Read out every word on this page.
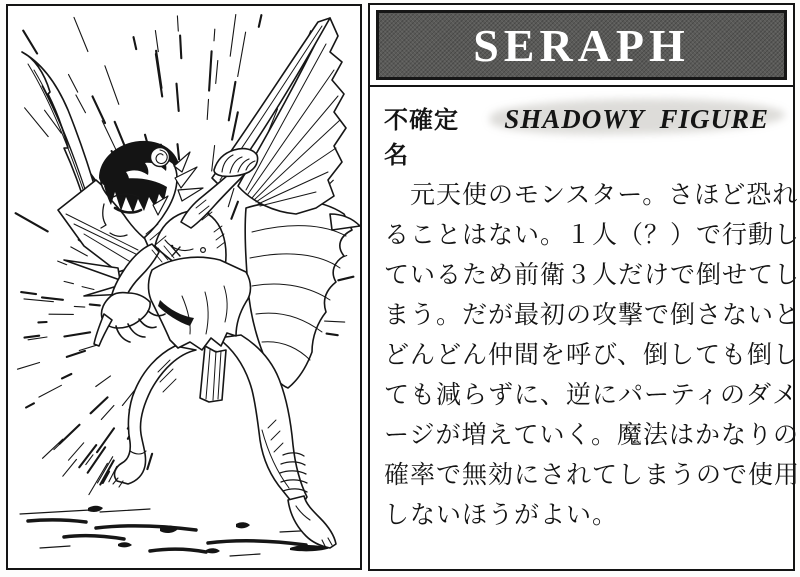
SERAPH
不確定名
SHADOWY FIGURE
元天使のモンスター。さほど恐れ
ることはない。１人（？）で行動し
ているため前衛３人だけで倒せてし
まう。だが最初の攻撃で倒さないと
どんどん仲間を呼び、倒しても倒し
ても減らずに、逆にパーティのダメ
ージが増えていく。魔法はかなりの
確率で無効にされてしまうので使用
しないほうがよい。
